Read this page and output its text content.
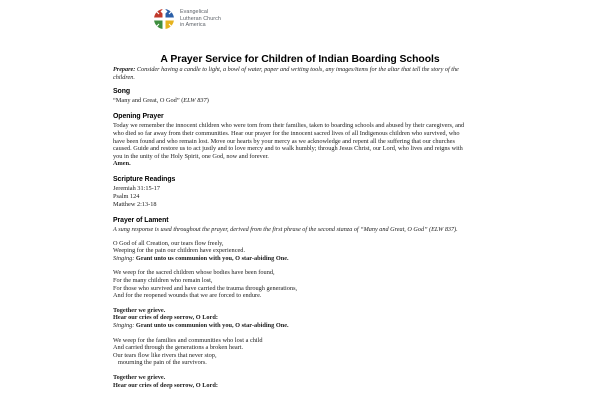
Evangelical
Lutheran Church
in America
A Prayer Service for Children of Indian Boarding Schools

Prepare: Consider having a candle to light, a bowl of water, paper and writing tools, any images/items for the altar that tell the story of the children.

Song

“Many and Great, O God” (ELW 837)

Opening Prayer

Today we remember the innocent children who were torn from their families, taken to boarding schools and abused by their caregivers, and who died so far away from their communities. Hear our prayer for the innocent sacred lives of all Indigenous children who survived, who have been found and who remain lost. Move our hearts by your mercy as we acknowledge and repent all the suffering that our churches caused. Guide and restore us to act justly and to love mercy and to walk humbly; through Jesus Christ, our Lord, who lives and reigns with you in the unity of the Holy Spirit, one God, now and forever.

Amen.

Scripture Readings

Jeremiah 31:15-17

Psalm 124

Matthew 2:13-18

Prayer of Lament

A sung response is used throughout the prayer, derived from the first phrase of the second stanza of “Many and Great, O God” (ELW 837).

O God of all Creation, our tears flow freely,

Weeping for the pain our children have experienced.

Singing: Grant unto us communion with you, O star-abiding One.

We weep for the sacred children whose bodies have been found,

For the many children who remain lost,

For those who survived and have carried the trauma through generations,

And for the reopened wounds that we are forced to endure.

Together we grieve.

Hear our cries of deep sorrow, O Lord:

Singing: Grant unto us communion with you, O star-abiding One.

We weep for the families and communities who lost a child

And carried through the generations a broken heart.

Our tears flow like rivers that never stop,

mourning the pain of the survivors.

Together we grieve.

Hear our cries of deep sorrow, O Lord:
